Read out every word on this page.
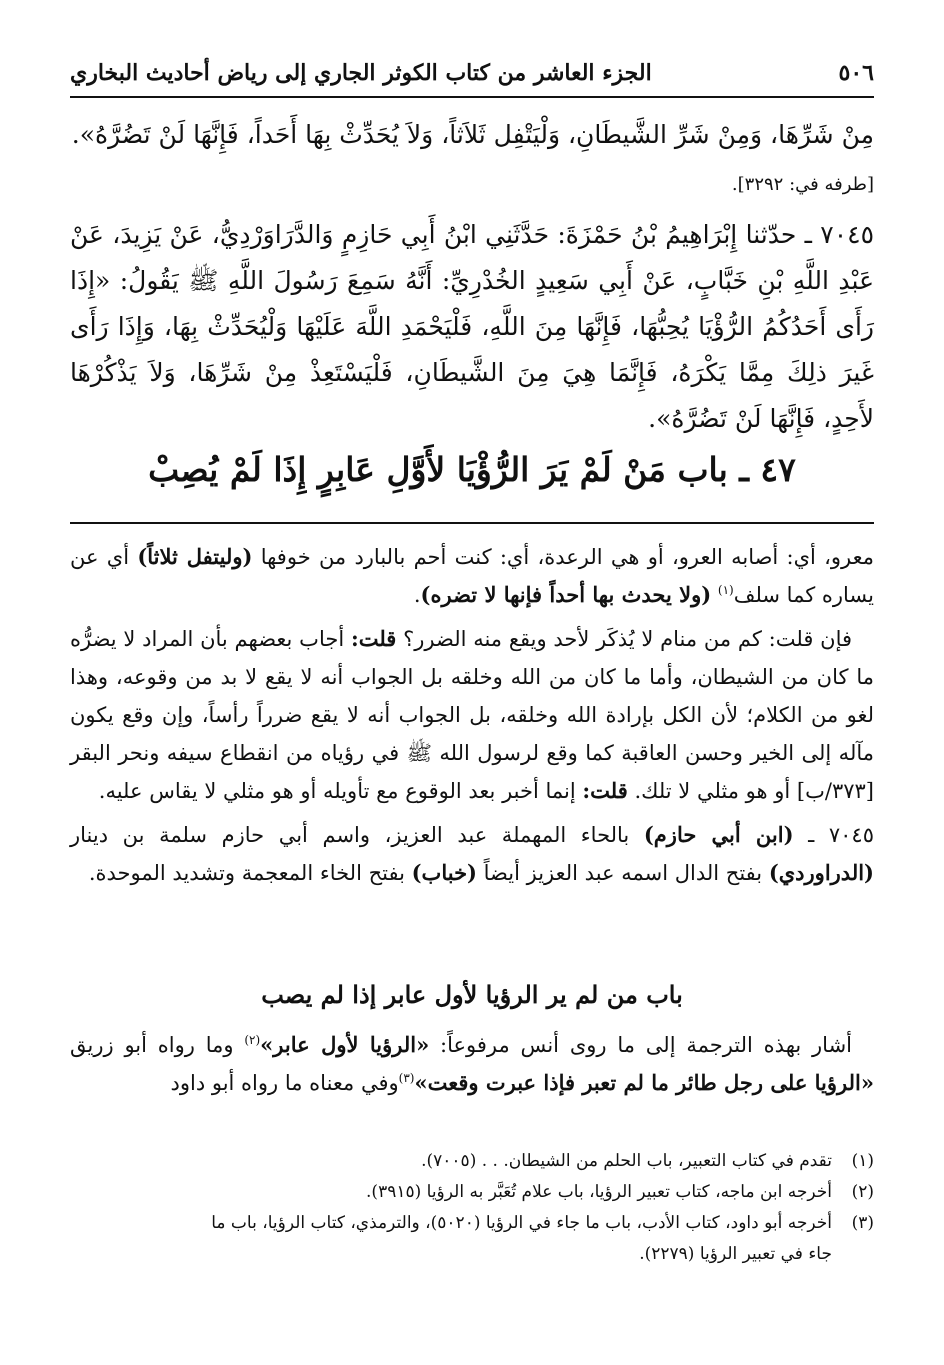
٥٠٦
الجزء العاشر من كتاب الكوثر الجاري إلى رياض أحاديث البخاري

مِنْ شَرِّهَا، وَمِنْ شَرِّ الشَّيطَانِ، وَلْيَتْفِل ثَلاَثاً، وَلاَ يُحَدِّثْ بِهَا أَحَداً، فَإِنَّهَا لَنْ تَضُرَّهُ».

[طرفه في: ٣٢٩٢].

٧٠٤٥ ـ حدّثنا إِبْرَاهِيمُ بْنُ حَمْزَةَ: حَدَّثَنِي ابْنُ أَبِي حَازِمٍ وَالدَّرَاوَرْدِيُّ، عَنْ يَزِيدَ، عَنْ عَبْدِ اللَّهِ بْنِ خَبَّابٍ، عَنْ أَبِي سَعِيدٍ الخُدْرِيِّ: أَنَّهُ سَمِعَ رَسُولَ اللَّهِ ﷺ يَقُولُ: «إِذَا رَأَى أَحَدُكُمُ الرُّؤْيَا يُحِبُّهَا، فَإِنَّهَا مِنَ اللَّهِ، فَلْيَحْمَدِ اللَّهَ عَلَيْهَا وَلْيُحَدِّثْ بِهَا، وَإِذَا رَأَى غَيرَ ذلِكَ مِمَّا يَكْرَهُ، فَإِنَّمَا هِيَ مِنَ الشَّيطَانِ، فَلْيَسْتَعِذْ مِنْ شَرِّهَا، وَلاَ يَذْكُرْهَا لأَحِدٍ، فَإِنَّهَا لَنْ تَضُرَّهُ».

٤٧ ـ باب مَنْ لَمْ يَرَ الرُّؤْيَا لأَوَّلِ عَابِرٍ إِذَا لَمْ يُصِبْ

معرو، أي: أصابه العرو، أو هي الرعدة، أي: كنت أحم بالبارد من خوفها (وليتفل ثلاثاً) أي عن يساره كما سلف$^{(١)}$ (ولا يحدث بها أحداً فإنها لا تضره).

فإن قلت: كم من منام لا يُذكَر لأحد ويقع منه الضرر؟ قلت: أجاب بعضهم بأن المراد لا يضرُّه ما كان من الشيطان، وأما ما كان من الله وخلقه بل الجواب أنه لا يقع لا بد من وقوعه، وهذا لغو من الكلام؛ لأن الكل بإرادة الله وخلقه، بل الجواب أنه لا يقع ضرراً رأساً، وإن وقع يكون مآله إلى الخير وحسن العاقبة كما وقع لرسول الله ﷺ في رؤياه من انقطاع سيفه ونحر البقر [٣٧٣/ب] أو هو مثلي لا تلك. قلت: إنما أخبر بعد الوقوع مع تأويله أو هو مثلي لا يقاس عليه.

٧٠٤٥ ـ (ابن أبي حازم) بالحاء المهملة عبد العزيز، واسم أبي حازم سلمة بن دينار (الدراوردي) بفتح الدال اسمه عبد العزيز أيضاً (خباب) بفتح الخاء المعجمة وتشديد الموحدة.

باب من لم ير الرؤيا لأول عابر إذا لم يصب

أشار بهذه الترجمة إلى ما روى أنس مرفوعاً: «الرؤيا لأول عابر»$^{(٢)}$ وما رواه أبو زريق «الرؤيا على رجل طائر ما لم تعبر فإذا عبرت وقعت»$^{(٣)}$وفي معناه ما رواه أبو داود

(١)تقدم في كتاب التعبير، باب الحلم من الشيطان. . . (٧٠٠٥).

(٢)أخرجه ابن ماجه، كتاب تعبير الرؤيا، باب علام تُعَبَّر به الرؤيا (٣٩١٥).

(٣)أخرجه أبو داود، كتاب الأدب، باب ما جاء في الرؤيا (٥٠٢٠)، والترمذي، كتاب الرؤيا، باب ما

جاء في تعبير الرؤيا (٢٢٧٩).
